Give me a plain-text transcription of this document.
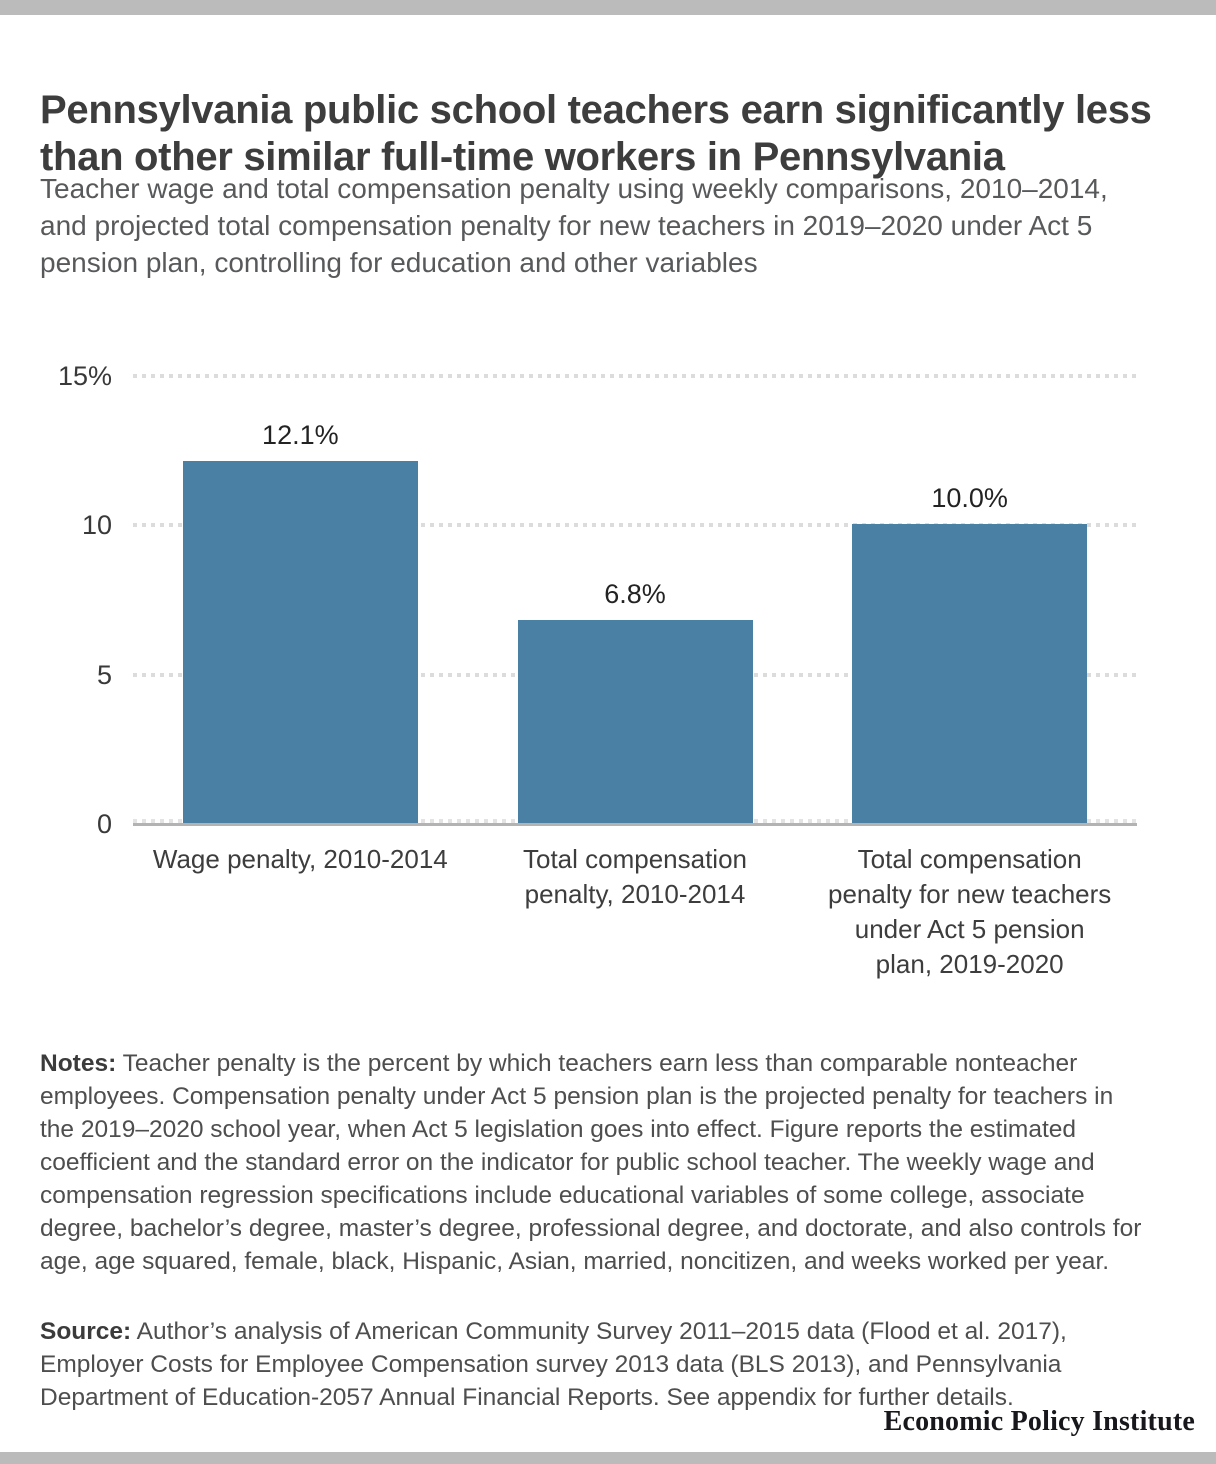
Pennsylvania public school teachers earn significantly less than other similar full-time workers in Pennsylvania
Teacher wage and total compensation penalty using weekly comparisons, 2010–2014, and projected total compensation penalty for new teachers in 2019–2020 under Act 5 pension plan, controlling for education and other variables
15%
10
5
0
12.1%
Wage penalty, 2010-2014
6.8%
Total compensation
penalty, 2010-2014
10.0%
Total compensation
penalty for new teachers
under Act 5 pension
plan, 2019-2020

Notes: Teacher penalty is the percent by which teachers earn less than comparable nonteacher employees. Compensation penalty under Act 5 pension plan is the projected penalty for teachers in the 2019–2020 school year, when Act 5 legislation goes into effect. Figure reports the estimated coefficient and the standard error on the indicator for public school teacher. The weekly wage and compensation regression specifications include educational variables of some college, associate degree, bachelor’s degree, master’s degree, professional degree, and doctorate, and also controls for age, age squared, female, black, Hispanic, Asian, married, noncitizen, and weeks worked per year.

Source: Author’s analysis of American Community Survey 2011–2015 data (Flood et al. 2017), Employer Costs for Employee Compensation survey 2013 data (BLS 2013), and Pennsylvania Department of Education-2057 Annual Financial Reports. See appendix for further details.

Economic Policy Institute
